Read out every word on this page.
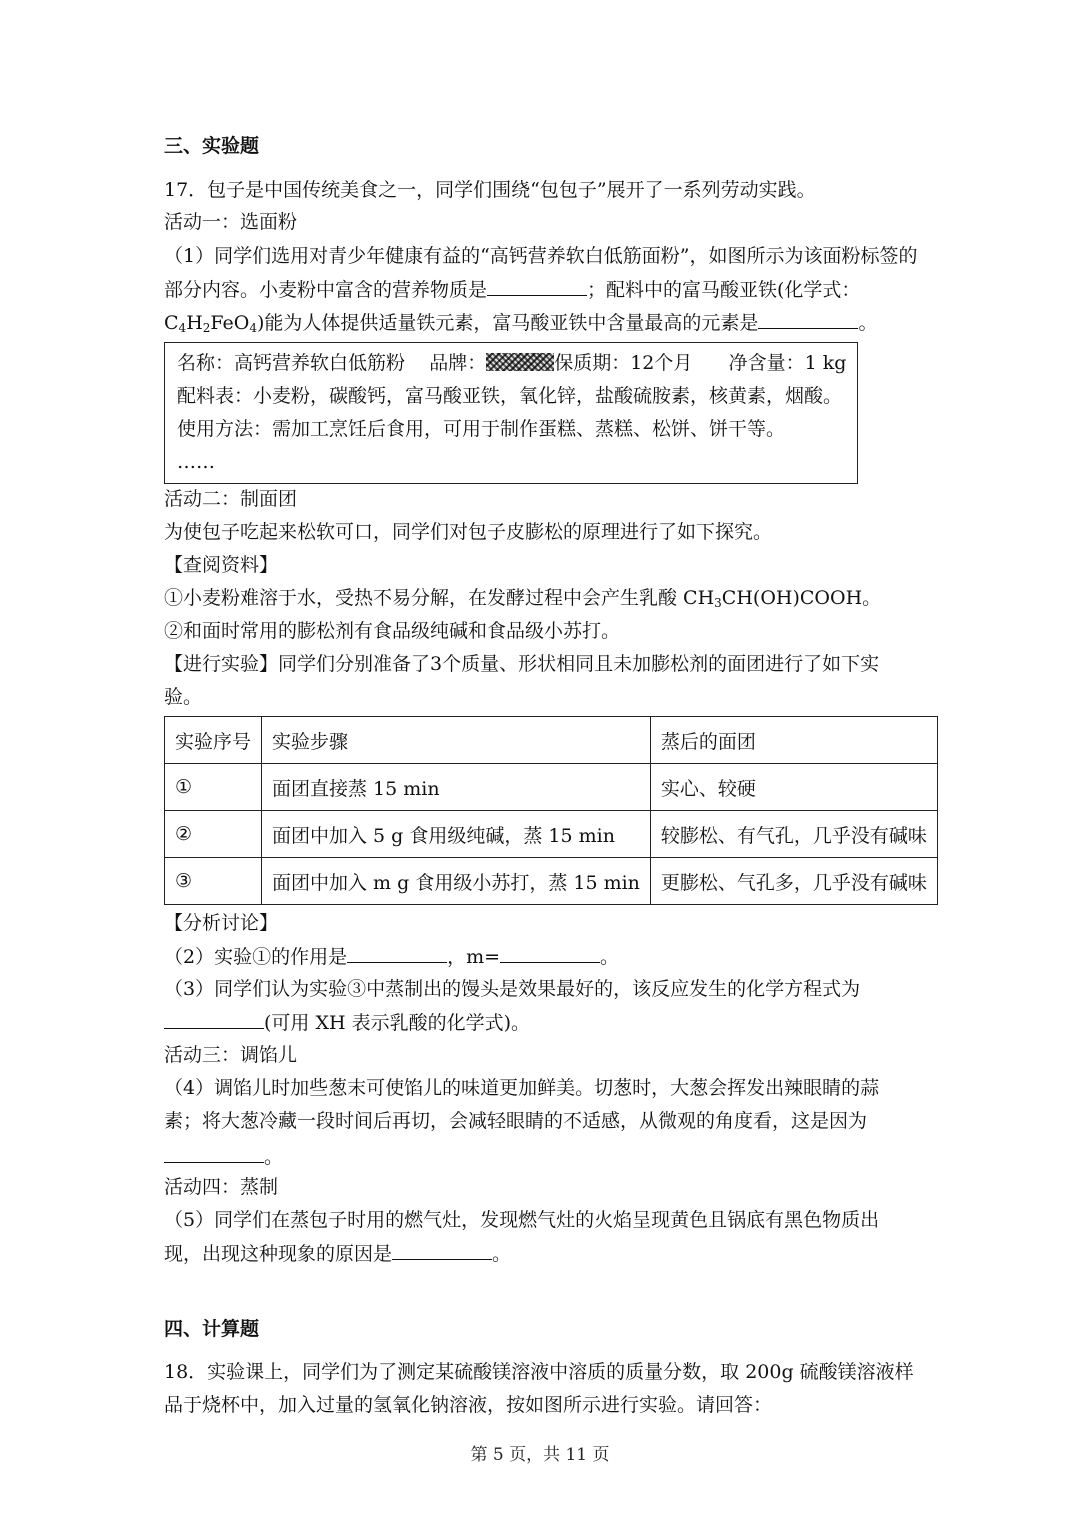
三、实验题
17．包子是中国传统美食之一，同学们围绕“包包子”展开了一系列劳动实践。
活动一：选面粉
（1）同学们选用对青少年健康有益的“高钙营养软白低筋面粉”，如图所示为该面粉标签的
部分内容。小麦粉中富含的营养物质是	；配料中的富马酸亚铁(化学式：
$C_4H_2FeO_4$)能为人体提供适量铁元素，富马酸亚铁中含量最高的元素是	。
名称：高钙营养软白低筋粉 品牌：	保质期：12个月 净含量：1 kg
配料表：小麦粉，碳酸钙，富马酸亚铁，氧化锌，盐酸硫胺素，核黄素，烟酸。
使用方法：需加工烹饪后食用，可用于制作蛋糕、蒸糕、松饼、饼干等。
……
活动二：制面团
为使包子吃起来松软可口，同学们对包子皮膨松的原理进行了如下探究。
【查阅资料】
①小麦粉难溶于水，受热不易分解，在发酵过程中会产生乳酸 $CH_3CH(OH)COOH$。
②和面时常用的膨松剂有食品级纯碱和食品级小苏打。
【进行实验】同学们分别准备了3个质量、形状相同且未加膨松剂的面团进行了如下实
验。
实验序号	实验步骤	蒸后的面团
①	面团直接蒸 15 min	实心、较硬
②	面团中加入 5 g 食用级纯碱，蒸 15 min	较膨松、有气孔，几乎没有碱味
③	面团中加入 m g 食用级小苏打，蒸 15 min	更膨松、气孔多，几乎没有碱味
【分析讨论】
（2）实验①的作用是	，m=	。
（3）同学们认为实验③中蒸制出的馒头是效果最好的，该反应发生的化学方程式为
(可用 XH 表示乳酸的化学式)。
活动三：调馅儿
（4）调馅儿时加些葱末可使馅儿的味道更加鲜美。切葱时，大葱会挥发出辣眼睛的蒜
素；将大葱冷藏一段时间后再切，会减轻眼睛的不适感，从微观的角度看，这是因为
。
活动四：蒸制
（5）同学们在蒸包子时用的燃气灶，发现燃气灶的火焰呈现黄色且锅底有黑色物质出
现，出现这种现象的原因是	。
四、计算题
18．实验课上，同学们为了测定某硫酸镁溶液中溶质的质量分数，取 200g 硫酸镁溶液样
品于烧杯中，加入过量的氢氧化钠溶液，按如图所示进行实验。请回答：
第 5 页，共 11 页
